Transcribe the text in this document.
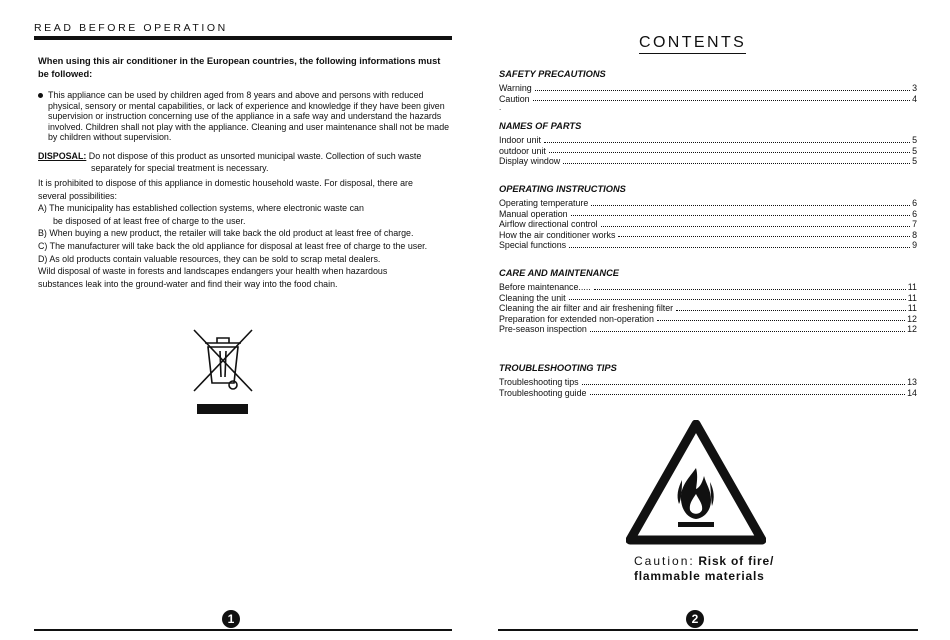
READ BEFORE OPERATION
When using this air conditioner in the European countries, the following informations must be followed:
This appliance can be used by children aged from 8 years and above and persons with reduced physical, sensory or mental capabilities, or lack of experience and knowledge if they have been given supervision or instruction concerning use of the appliance in a safe way and understand the hazards involved. Children shall not play with the appliance. Cleaning and user maintenance shall not be made by children without supervision.
DISPOSAL: Do not dispose of this product as unsorted municipal waste. Collection of such waste
separately for special treatment is necessary.
It is prohibited to dispose of this appliance in domestic household waste. For disposal, there are
several possibilities:
A) The municipality has established collection systems, where electronic waste can
be disposed of at least free of charge to the user.
B) When buying a new product, the retailer will take back the old product at least free of charge.
C) The manufacturer will take back the old appliance for disposal at least free of charge to the user.
D) As old products contain valuable resources, they can be sold to scrap metal dealers.
Wild disposal of waste in forests and landscapes endangers your health when hazardous
substances leak into the ground-water and find their way into the food chain.
1
CONTENTS
SAFETY PRECAUTIONS
Warning	3
Caution	4
.
NAMES OF PARTS
Indoor unit	5
outdoor unit	5
Display window	5
OPERATING INSTRUCTIONS
Operating temperature	6
Manual operation	6
Airflow directional control	7
How the air conditioner works	8
Special functions	9
CARE AND MAINTENANCE
Before maintenance.....	11
Cleaning the unit	11
Cleaning the air filter and air freshening filter	11
Preparation for extended non-operation	12
Pre-season inspection	12
TROUBLESHOOTING TIPS
Troubleshooting tips	13
Troubleshooting guide	14
Caution: Risk of fire/
flammable materials
2
